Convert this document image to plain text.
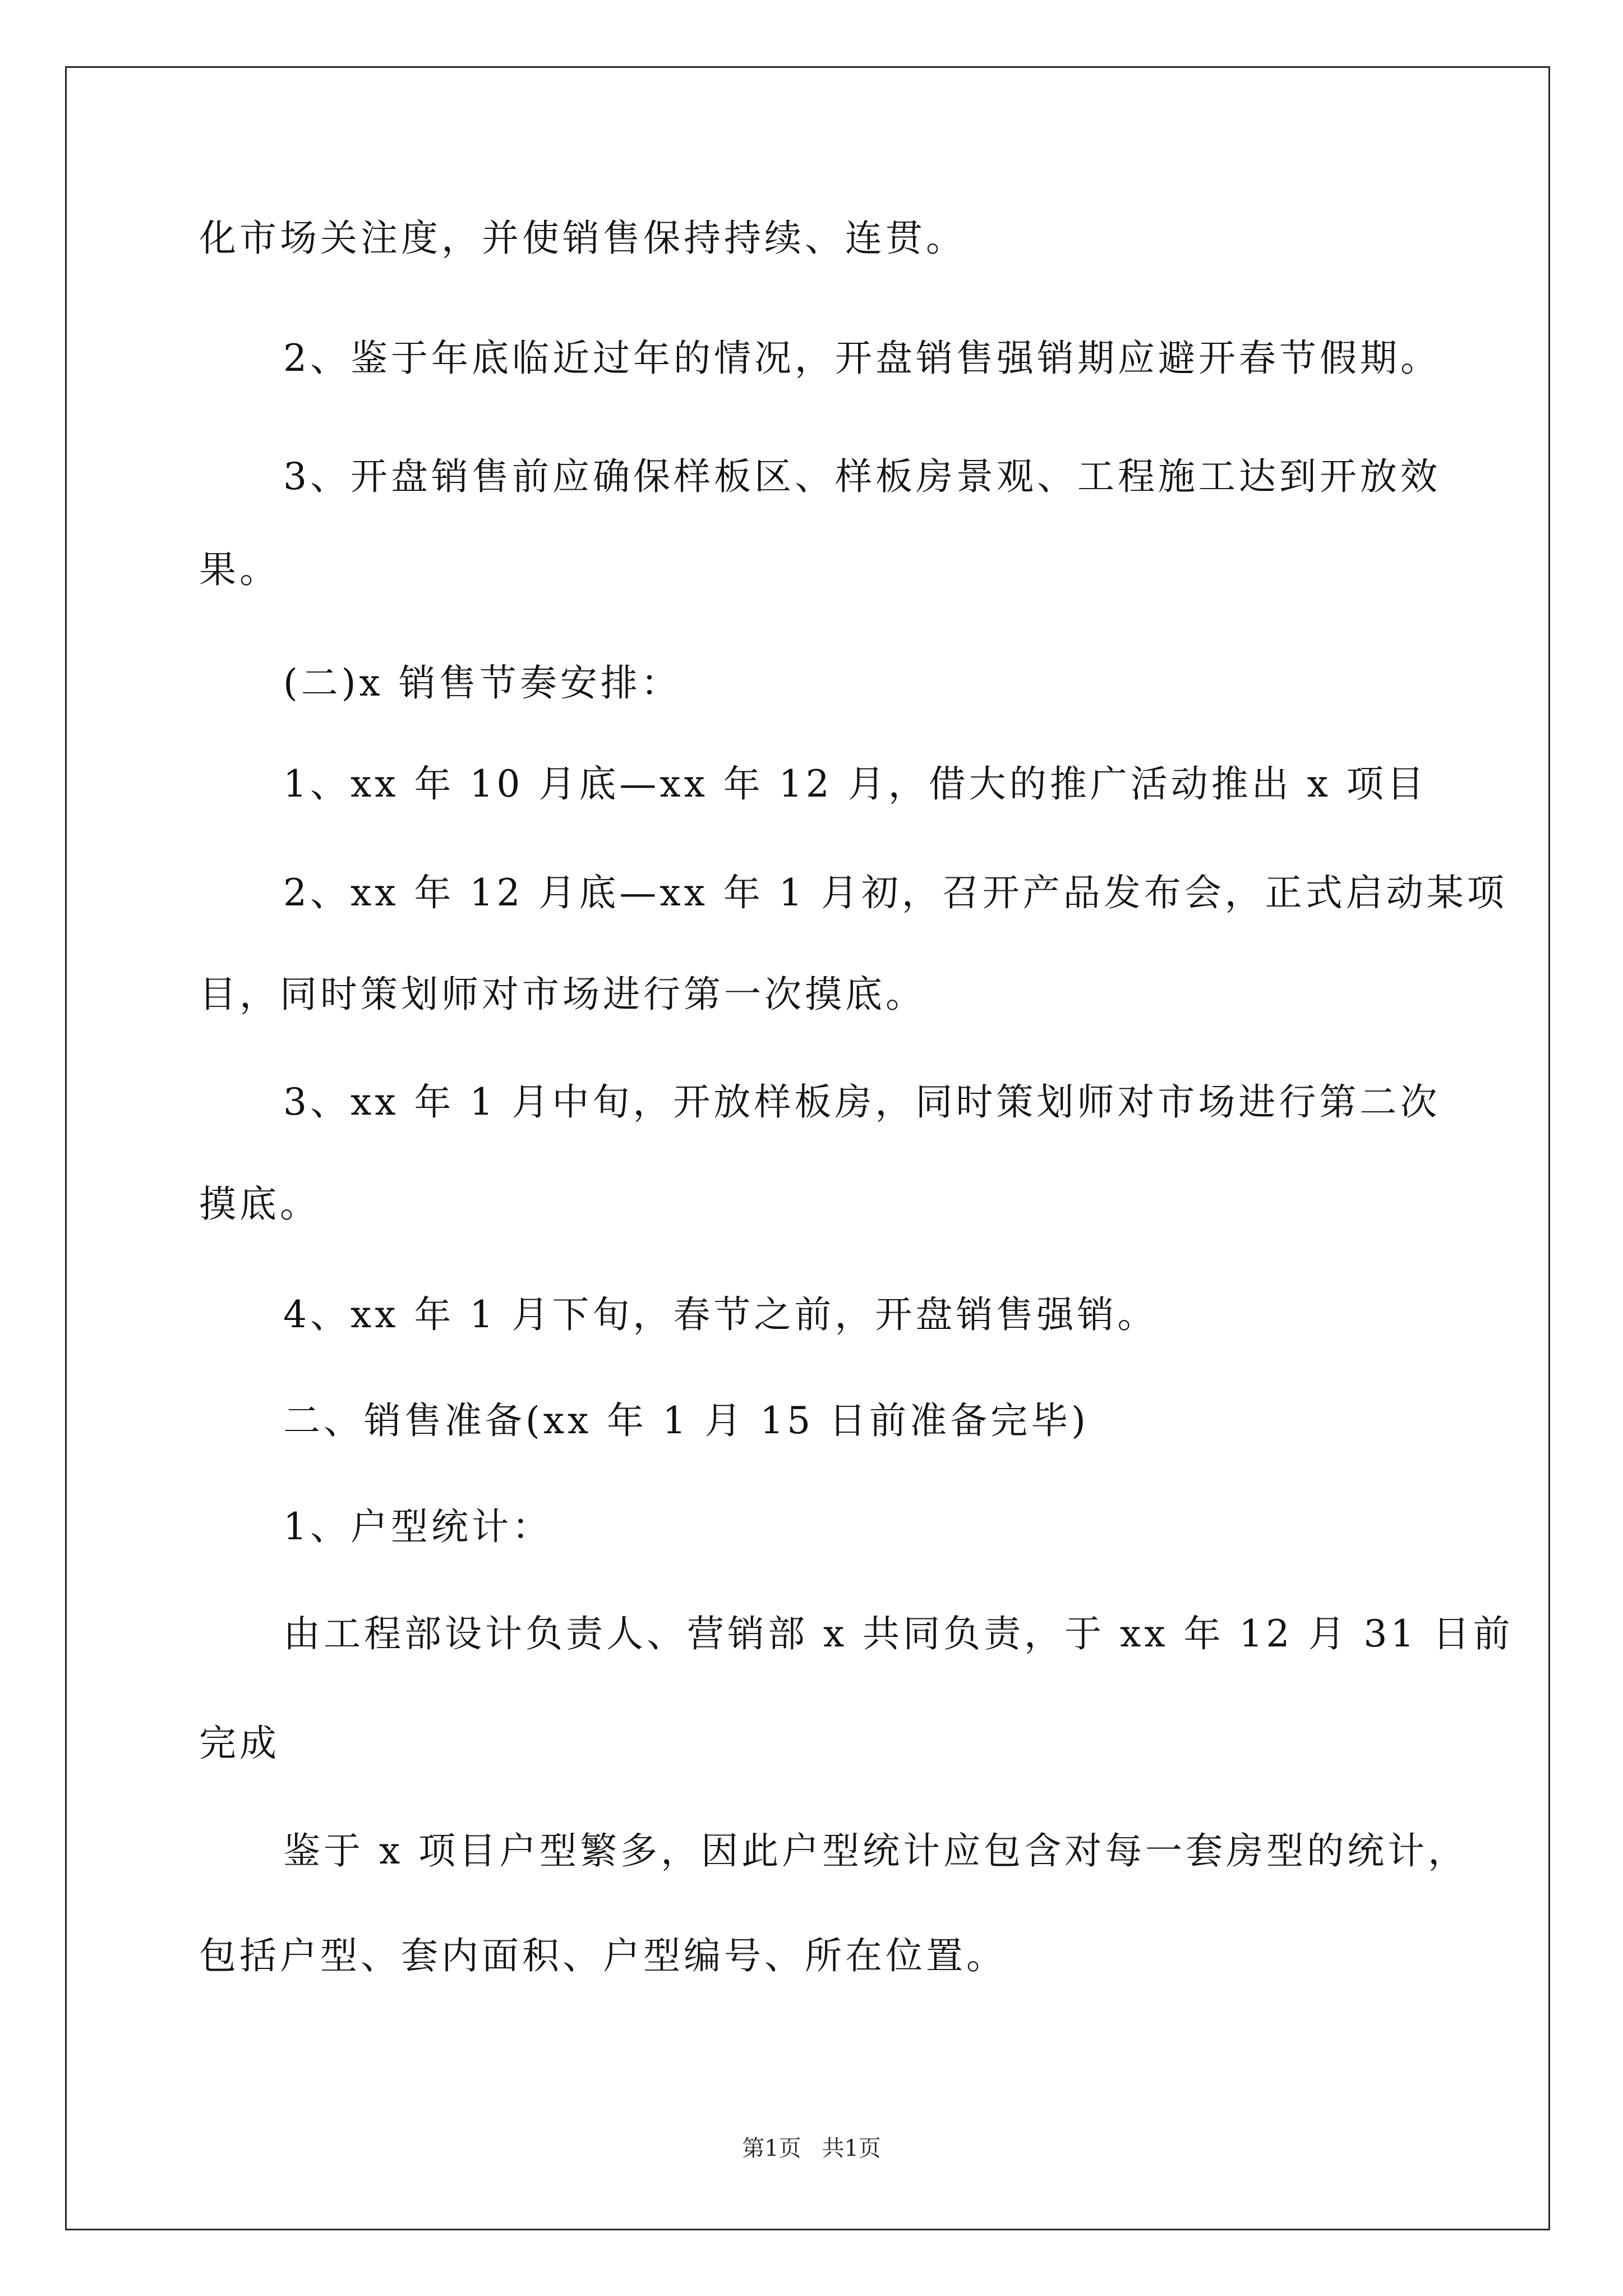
化市场关注度，并使销售保持持续、连贯。
2、鉴于年底临近过年的情况，开盘销售强销期应避开春节假期。
3、开盘销售前应确保样板区、样板房景观、工程施工达到开放效
果。
(二)x 销售节奏安排：
1、xx 年 10 月底—xx 年 12 月，借大的推广活动推出 x 项目
2、xx 年 12 月底—xx 年 1 月初，召开产品发布会，正式启动某项
目，同时策划师对市场进行第一次摸底。
3、xx 年 1 月中旬，开放样板房，同时策划师对市场进行第二次
摸底。
4、xx 年 1 月下旬，春节之前，开盘销售强销。
二、销售准备(xx 年 1 月 15 日前准备完毕)
1、户型统计：
由工程部设计负责人、营销部 x 共同负责，于 xx 年 12 月 31 日前
完成
鉴于 x 项目户型繁多，因此户型统计应包含对每一套房型的统计，
包括户型、套内面积、户型编号、所在位置。
第1页 共1页
